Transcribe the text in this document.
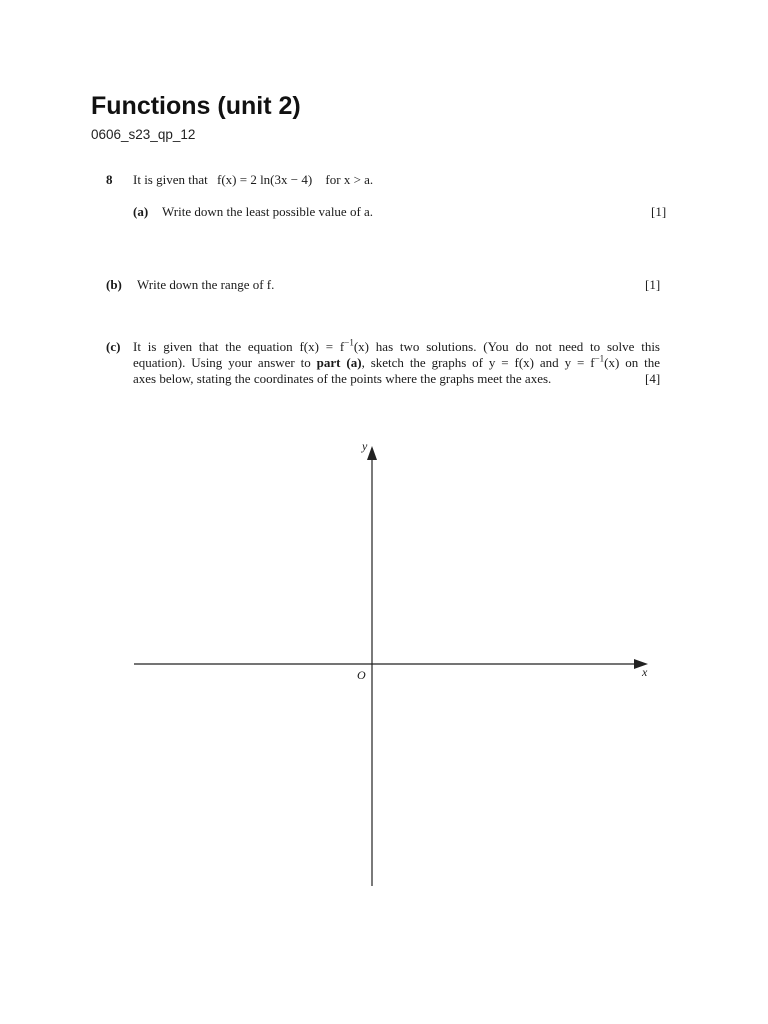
Functions (unit 2)
0606_s23_qp_12
8 It is given that f(x) = 2 ln(3x − 4) for x > a.
(a) Write down the least possible value of a.	[1]
(b) Write down the range of f.	[1]
(c) It is given that the equation $f(x) = f^{-1}(x)$ has two solutions. (You do not need to solve this
equation). Using your answer to part (a), sketch the graphs of y = f(x) and $y = f^{-1}(x)$ on the
axes below, stating the coordinates of the points where the graphs meet the axes.	[4]
y
x
O
